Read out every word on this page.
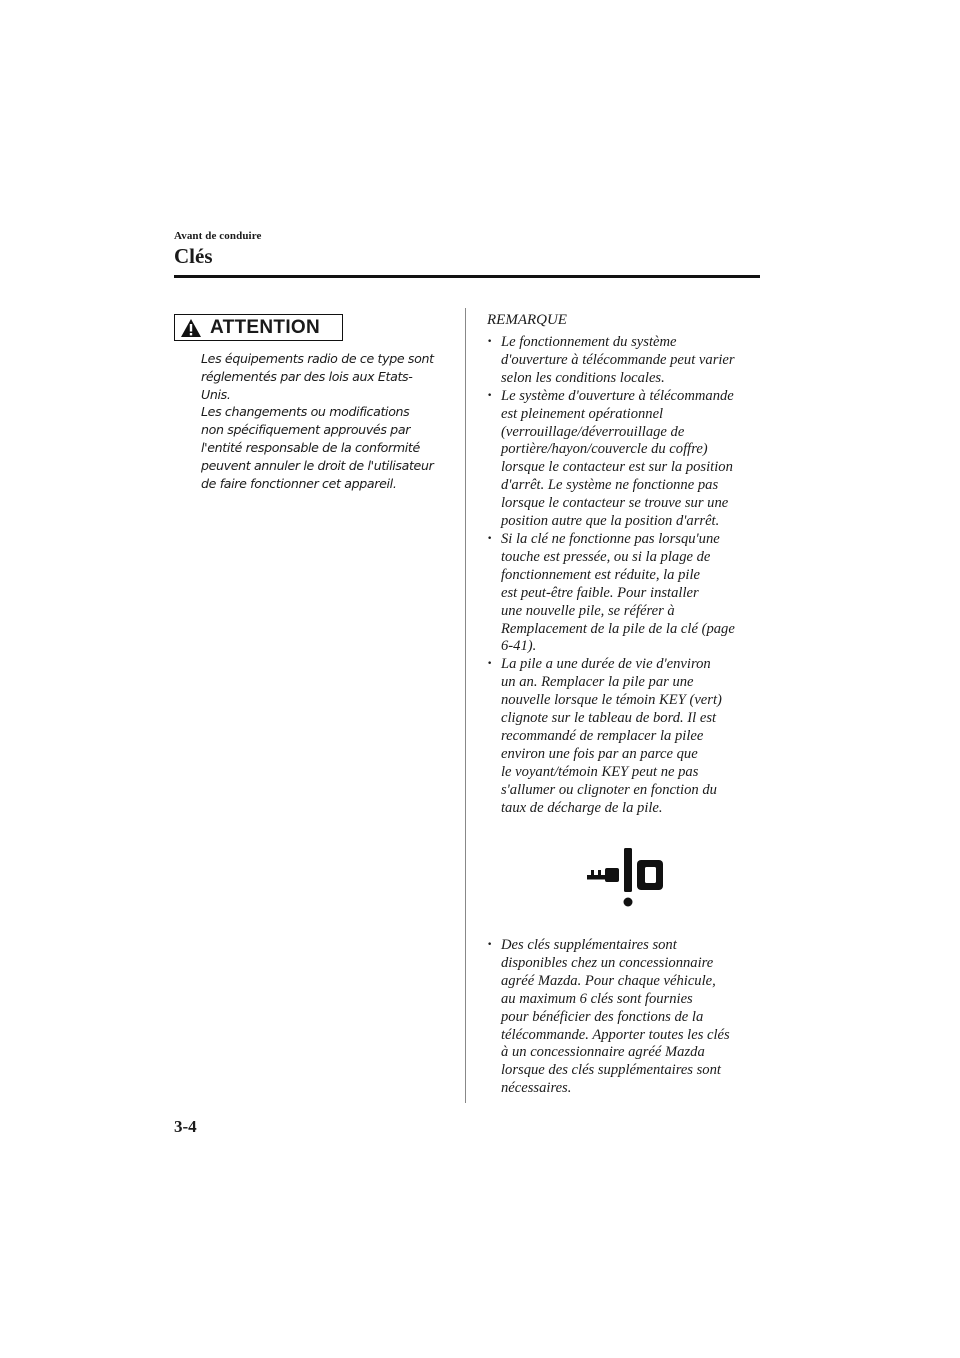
Avant de conduire
Clés
ATTENTION

Les équipements radio de ce type sont

réglementés par des lois aux Etats-

Unis.

Les changements ou modifications

non spécifiquement approuvés par

l'entité responsable de la conformité

peuvent annuler le droit de l'utilisateur

de faire fonctionner cet appareil.

REMARQUE
· Le fonctionnement du système
d'ouverture à télécommande peut varier
selon les conditions locales.
· Le système d'ouverture à télécommande
est pleinement opérationnel
(verrouillage/déverrouillage de
portière/hayon/couvercle du coffre)
lorsque le contacteur est sur la position
d'arrêt. Le système ne fonctionne pas
lorsque le contacteur se trouve sur une
position autre que la position d'arrêt.
· Si la clé ne fonctionne pas lorsqu'une
touche est pressée, ou si la plage de
fonctionnement est réduite, la pile
est peut-être faible. Pour installer
une nouvelle pile, se référer à
Remplacement de la pile de la clé (page
6-41).
· La pile a une durée de vie d'environ
un an. Remplacer la pile par une
nouvelle lorsque le témoin KEY (vert)
clignote sur le tableau de bord. Il est
recommandé de remplacer la pilee
environ une fois par an parce que
le voyant/témoin KEY peut ne pas
s'allumer ou clignoter en fonction du
taux de décharge de la pile.
· Des clés supplémentaires sont
disponibles chez un concessionnaire
agréé Mazda. Pour chaque véhicule,
au maximum 6 clés sont fournies
pour bénéficier des fonctions de la
télécommande. Apporter toutes les clés
à un concessionnaire agréé Mazda
lorsque des clés supplémentaires sont
nécessaires.
3-4
